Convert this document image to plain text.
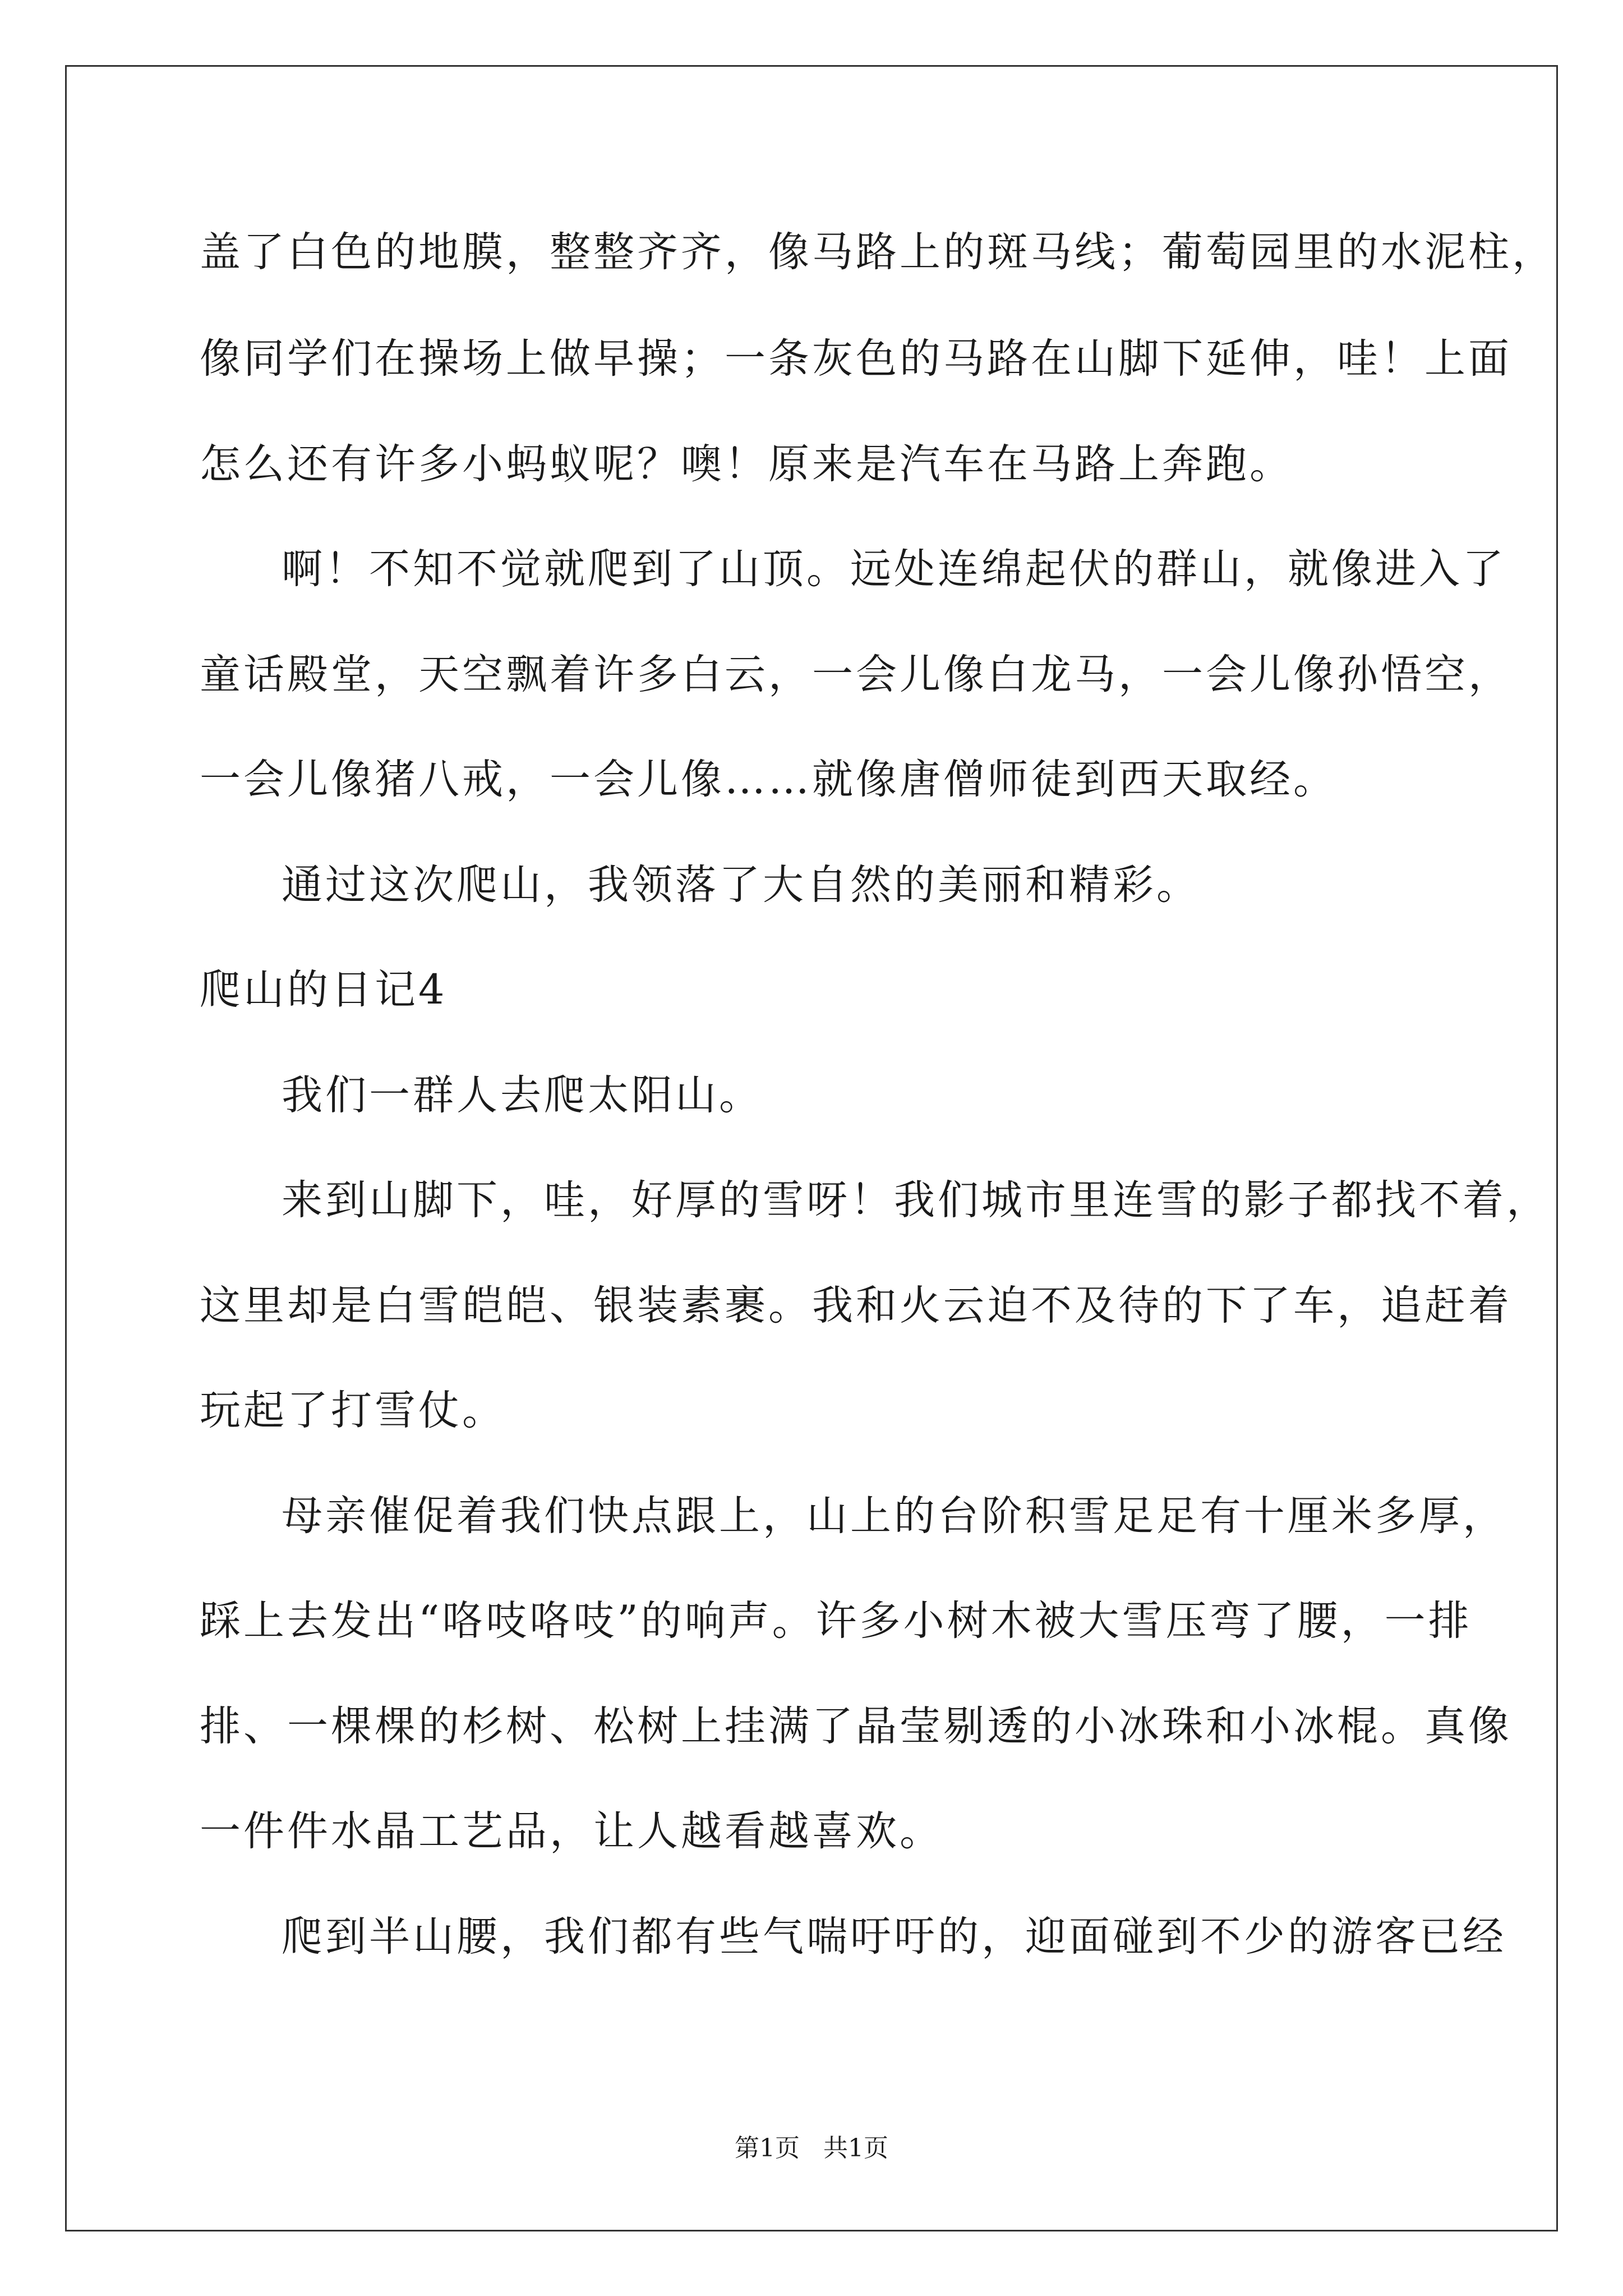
盖了白色的地膜，整整齐齐，像马路上的斑马线；葡萄园里的水泥柱，
像同学们在操场上做早操；一条灰色的马路在山脚下延伸，哇！上面
怎么还有许多小蚂蚁呢？噢！原来是汽车在马路上奔跑。
啊！不知不觉就爬到了山顶。远处连绵起伏的群山，就像进入了
童话殿堂，天空飘着许多白云，一会儿像白龙马，一会儿像孙悟空，
一会儿像猪八戒，一会儿像……就像唐僧师徒到西天取经。
通过这次爬山，我领落了大自然的美丽和精彩。
爬山的日记4
我们一群人去爬太阳山。
来到山脚下，哇，好厚的雪呀！我们城市里连雪的影子都找不着，
这里却是白雪皑皑、银装素裹。我和火云迫不及待的下了车，追赶着
玩起了打雪仗。
母亲催促着我们快点跟上，山上的台阶积雪足足有十厘米多厚，
踩上去发出“咯吱咯吱”的响声。许多小树木被大雪压弯了腰，一排
排、一棵棵的杉树、松树上挂满了晶莹剔透的小冰珠和小冰棍。真像
一件件水晶工艺品，让人越看越喜欢。
爬到半山腰，我们都有些气喘吁吁的，迎面碰到不少的游客已经
第1页   共1页
